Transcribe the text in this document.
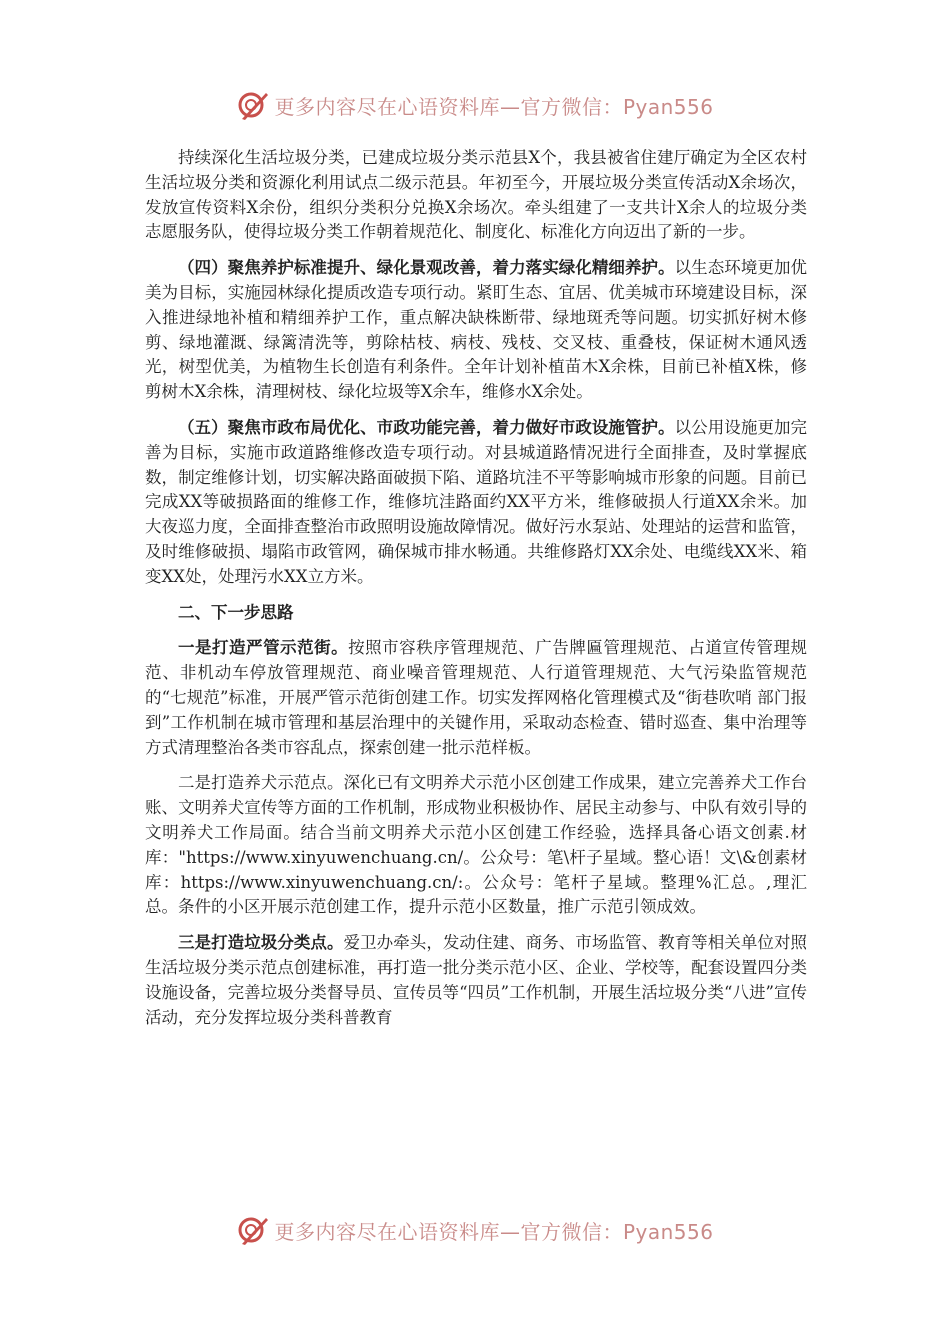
更多内容尽在心语资料库—官方微信：Pyan556

持续深化生活垃圾分类，已建成垃圾分类示范县X个，我县被省住建厅确定为全区农村生活垃圾分类和资源化利用试点二级示范县。年初至今，开展垃圾分类宣传活动X余场次，发放宣传资料X余份，组织分类积分兑换X余场次。牵头组建了一支共计X余人的垃圾分类志愿服务队，使得垃圾分类工作朝着规范化、制度化、标准化方向迈出了新的一步。

（四）聚焦养护标准提升、绿化景观改善，着力落实绿化精细养护。以生态环境更加优美为目标，实施园林绿化提质改造专项行动。紧盯生态、宜居、优美城市环境建设目标，深入推进绿地补植和精细养护工作，重点解决缺株断带、绿地斑秃等问题。切实抓好树木修剪、绿地灌溉、绿篱清洗等，剪除枯枝、病枝、残枝、交叉枝、重叠枝，保证树木通风透光，树型优美，为植物生长创造有利条件。全年计划补植苗木X余株，目前已补植X株，修剪树木X余株，清理树枝、绿化垃圾等X余车，维修水X余处。

（五）聚焦市政布局优化、市政功能完善，着力做好市政设施管护。以公用设施更加完善为目标，实施市政道路维修改造专项行动。对县城道路情况进行全面排查，及时掌握底数，制定维修计划，切实解决路面破损下陷、道路坑洼不平等影响城市形象的问题。目前已完成XX等破损路面的维修工作，维修坑洼路面约XX平方米，维修破损人行道XX余米。加大夜巡力度，全面排查整治市政照明设施故障情况。做好污水泵站、处理站的运营和监管，及时维修破损、塌陷市政管网，确保城市排水畅通。共维修路灯XX余处、电缆线XX米、箱变XX处，处理污水XX立方米。

二、下一步思路

一是打造严管示范街。按照市容秩序管理规范、广告牌匾管理规范、占道宣传管理规范、非机动车停放管理规范、商业噪音管理规范、人行道管理规范、大气污染监管规范的“七规范”标准，开展严管示范街创建工作。切实发挥网格化管理模式及“街巷吹哨 部门报到”工作机制在城市管理和基层治理中的关键作用，采取动态检查、错时巡查、集中治理等方式清理整治各类市容乱点，探索创建一批示范样板。

二是打造养犬示范点。深化已有文明养犬示范小区创建工作成果，建立完善养犬工作台账、文明养犬宣传等方面的工作机制，形成物业积极协作、居民主动参与、中队有效引导的文明养犬工作局面。结合当前文明养犬示范小区创建工作经验，选择具备心语文创素.材库："https://www.xinyuwenchuang.cn/。公众号：笔\杆子星域。整心语！文\&创素材库：https://www.xinyuwenchuang.cn/:。公众号：笔杆子星域。整理%汇总。,理汇总。条件的小区开展示范创建工作，提升示范小区数量，推广示范引领成效。

三是打造垃圾分类点。爱卫办牵头，发动住建、商务、市场监管、教育等相关单位对照生活垃圾分类示范点创建标准，再打造一批分类示范小区、企业、学校等，配套设置四分类设施设备，完善垃圾分类督导员、宣传员等“四员”工作机制，开展生活垃圾分类“八进”宣传活动，充分发挥垃圾分类科普教育

更多内容尽在心语资料库—官方微信：Pyan556
